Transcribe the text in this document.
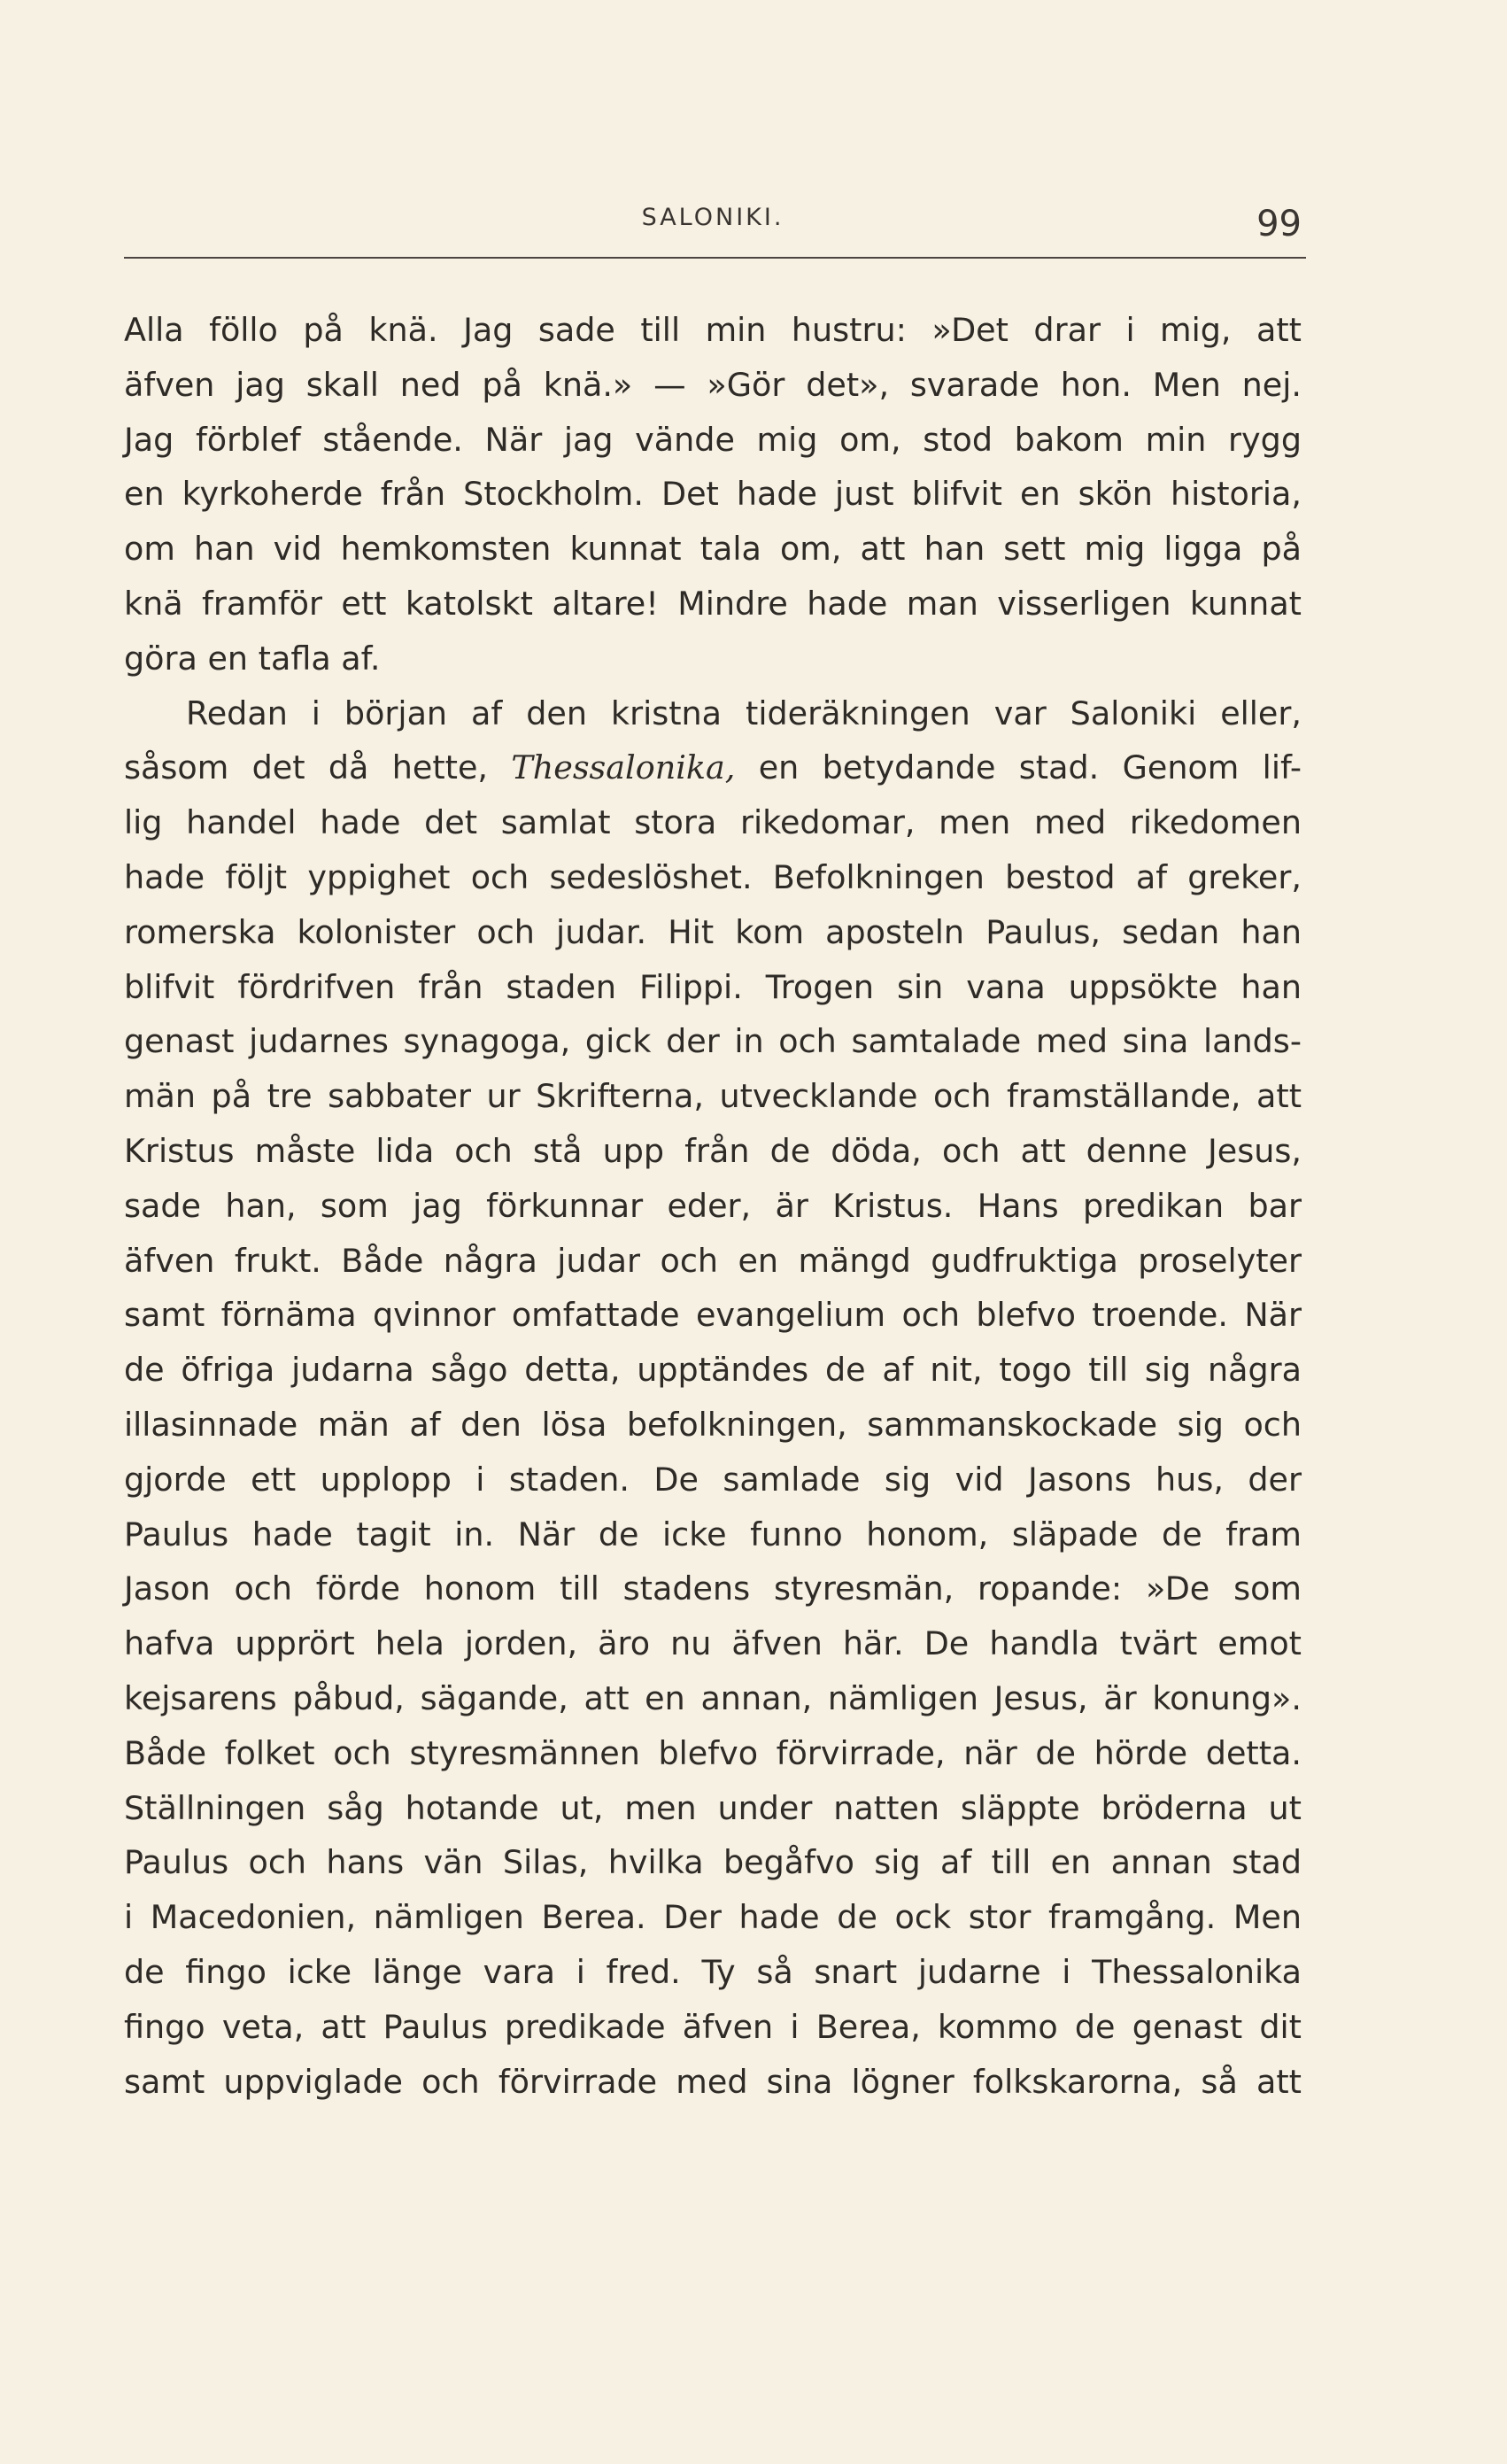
SALONIKI.	99
Alla föllo på knä. Jag sade till min hustru: »Det drar i mig, att
äfven jag skall ned på knä.» — »Gör det», svarade hon. Men nej.
Jag förblef stående. När jag vände mig om, stod bakom min rygg
en kyrkoherde från Stockholm. Det hade just blifvit en skön historia,
om han vid hemkomsten kunnat tala om, att han sett mig ligga på
knä framför ett katolskt altare! Mindre hade man visserligen kunnat
göra en tafla af.
Redan i början af den kristna tideräkningen var Saloniki eller,
såsom det då hette, Thessalonika, en betydande stad. Genom lif-
lig handel hade det samlat stora rikedomar, men med rikedomen
hade följt yppighet och sedeslöshet. Befolkningen bestod af greker,
romerska kolonister och judar. Hit kom aposteln Paulus, sedan han
blifvit fördrifven från staden Filippi. Trogen sin vana uppsökte han
genast judarnes synagoga, gick der in och samtalade med sina lands-
män på tre sabbater ur Skrifterna, utvecklande och framställande, att
Kristus måste lida och stå upp från de döda, och att denne Jesus,
sade han, som jag förkunnar eder, är Kristus. Hans predikan bar
äfven frukt. Både några judar och en mängd gudfruktiga proselyter
samt förnäma qvinnor omfattade evangelium och blefvo troende. När
de öfriga judarna sågo detta, upptändes de af nit, togo till sig några
illasinnade män af den lösa befolkningen, sammanskockade sig och
gjorde ett upplopp i staden. De samlade sig vid Jasons hus, der
Paulus hade tagit in. När de icke funno honom, släpade de fram
Jason och förde honom till stadens styresmän, ropande: »De som
hafva upprört hela jorden, äro nu äfven här. De handla tvärt emot
kejsarens påbud, sägande, att en annan, nämligen Jesus, är konung».
Både folket och styresmännen blefvo förvirrade, när de hörde detta.
Ställningen såg hotande ut, men under natten släppte bröderna ut
Paulus och hans vän Silas, hvilka begåfvo sig af till en annan stad
i Macedonien, nämligen Berea. Der hade de ock stor framgång. Men
de fingo icke länge vara i fred. Ty så snart judarne i Thessalonika
fingo veta, att Paulus predikade äfven i Berea, kommo de genast dit
samt uppviglade och förvirrade med sina lögner folkskarorna, så att
